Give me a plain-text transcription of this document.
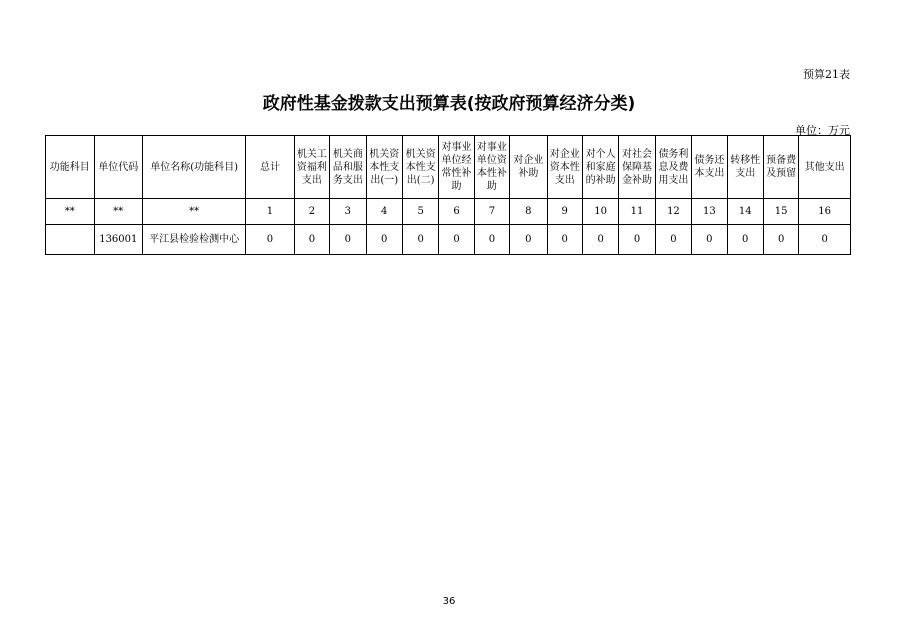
预算21表
政府性基金拨款支出预算表(按政府预算经济分类)
单位：万元
功能科目	单位代码	单位名称(功能科目)	总计	机关工资福利支出	机关商品和服务支出	机关资本性支出(一)	机关资本性支出(二)	对事业单位经常性补助	对事业单位资本性补助	对企业补助	对企业资本性支出	对个人和家庭的补助	对社会保障基金补助	债务利息及费用支出	债务还本支出	转移性支出	预备费及预留	其他支出
**	**	**	1	2	3	4	5	6	7	8	9	10	11	12	13	14	15	16
	136001	平江县检验检测中心	0	0	0	0	0	0	0	0	0	0	0	0	0	0	0	0
36
